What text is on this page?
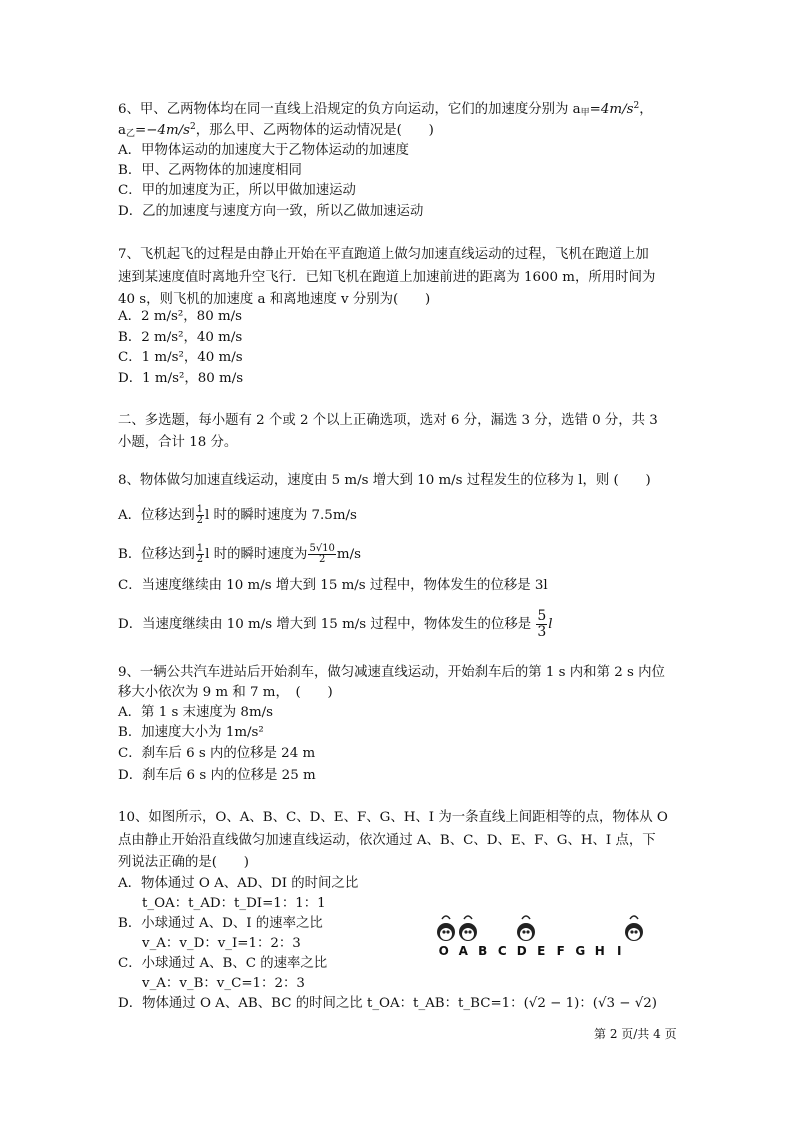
6、甲、乙两物体均在同一直线上沿规定的负方向运动，它们的加速度分别为 $a_甲=4m/s^2$，
$a_乙=-4m/s^2$，那么甲、乙两物体的运动情况是(　　)
A．甲物体运动的加速度大于乙物体运动的加速度
B．甲、乙两物体的加速度相同
C．甲的加速度为正，所以甲做加速运动
D．乙的加速度与速度方向一致，所以乙做加速运动
7、飞机起飞的过程是由静止开始在平直跑道上做匀加速直线运动的过程，飞机在跑道上加
速到某速度值时离地升空飞行．已知飞机在跑道上加速前进的距离为 1600 m，所用时间为
40 s，则飞机的加速度 a 和离地速度 v 分别为(　　)
A．2 m/s²，80 m/s
B．2 m/s²，40 m/s
C．1 m/s²，40 m/s
D．1 m/s²，80 m/s
二、多选题，每小题有 2 个或 2 个以上正确选项，选对 6 分，漏选 3 分，选错 0 分，共 3
小题，合计 18 分。
8、物体做匀加速直线运动，速度由 5 m/s 增大到 10 m/s 过程发生的位移为 l，则 (　　)
A．位移达到 $\frac{1}{2}$ l 时的瞬时速度为 7.5m/s
B．位移达到 $\frac{1}{2}$ l 时的瞬时速度为 $\frac{5√10}{2} m/s$
C．当速度继续由 10 m/s 增大到 15 m/s 过程中，物体发生的位移是 3l
D．当速度继续由 10 m/s 增大到 15 m/s 过程中，物体发生的位移是 $\frac{5}{3}$ l
9、一辆公共汽车进站后开始刹车，做匀减速直线运动，开始刹车后的第 1 s 内和第 2 s 内位
移大小依次为 9 m 和 7 m，　(　　)
A．第 1 s 末速度为 8m/s
B．加速度大小为 1m/s²
C．刹车后 6 s 内的位移是 24 m
D．刹车后 6 s 内的位移是 25 m
10、如图所示，O、A、B、C、D、E、F、G、H、I 为一条直线上间距相等的点，物体从 O
点由静止开始沿直线做匀加速直线运动，依次通过 A、B、C、D、E、F、G、H、I 点，下
列说法正确的是(　　)
A．物体通过 O A、AD、DI 的时间之比
t_OA：t_AD：t_DI=1：1：1
B．小球通过 A、D、I 的速率之比
v_A：v_D：v_I=1：2：3
C．小球通过 A、B、C 的速率之比
v_A：v_B：v_C=1：2：3
D．物体通过 O A、AB、BC 的时间之比 t_OA：t_AB：t_BC=1：(√2 − 1)：(√3 − √2)
O A B C D E F G H I
第 2 页/共 4 页
